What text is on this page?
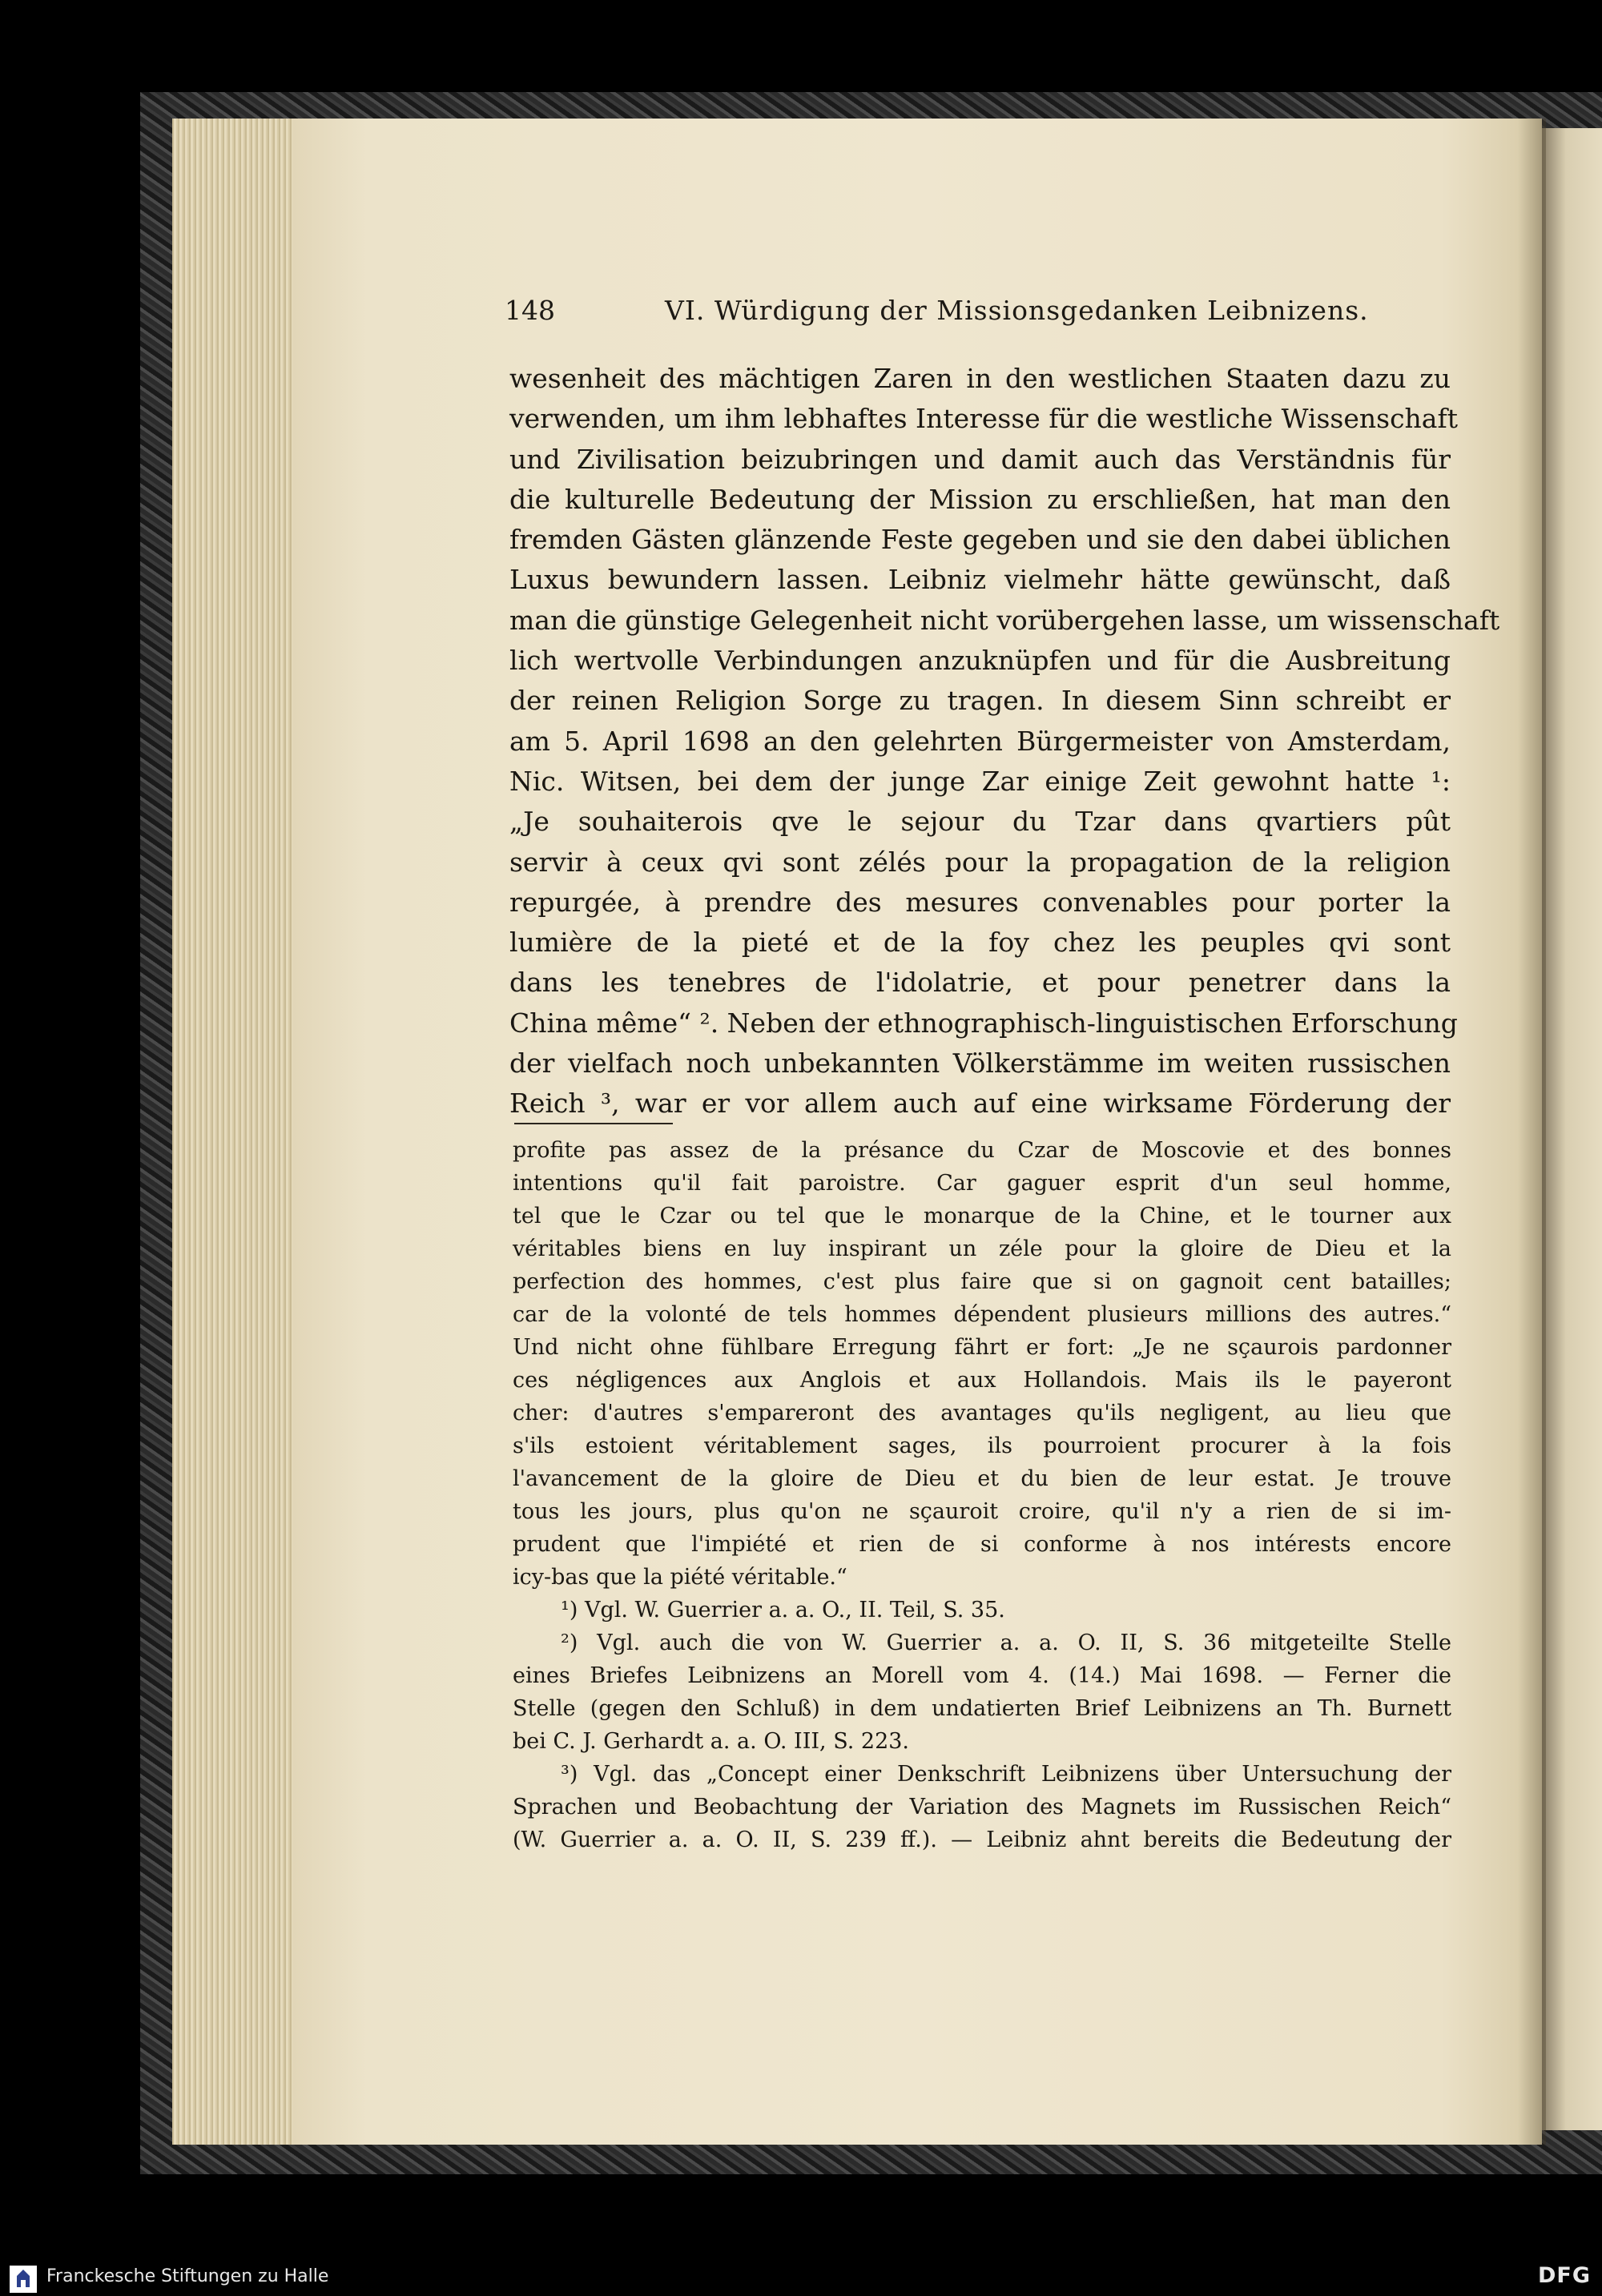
148	VI. Würdigung der Missionsgedanken Leibnizens.
wesenheit des mächtigen Zaren in den westlichen Staaten dazu zu
verwenden, um ihm lebhaftes Interesse für die westliche Wissenschaft
und Zivilisation beizubringen und damit auch das Verständnis für
die kulturelle Bedeutung der Mission zu erschließen, hat man den
fremden Gästen glänzende Feste gegeben und sie den dabei üblichen
Luxus bewundern lassen. Leibniz vielmehr hätte gewünscht, daß
man die günstige Gelegenheit nicht vorübergehen lasse, um wissenschaft
lich wertvolle Verbindungen anzuknüpfen und für die Ausbreitung
der reinen Religion Sorge zu tragen. In diesem Sinn schreibt er
am 5. April 1698 an den gelehrten Bürgermeister von Amsterdam,
Nic. Witsen, bei dem der junge Zar einige Zeit gewohnt hatte ¹:
„Je souhaiterois qve le sejour du Tzar dans qvartiers pût
servir à ceux qvi sont zélés pour la propagation de la religion
repurgée, à prendre des mesures convenables pour porter la
lumière de la pieté et de la foy chez les peuples qvi sont
dans les tenebres de l'idolatrie, et pour penetrer dans la
China même“ ². Neben der ethnographisch-linguistischen Erforschung
der vielfach noch unbekannten Völkerstämme im weiten russischen
Reich ³, war er vor allem auch auf eine wirksame Förderung der
profite pas assez de la présance du Czar de Moscovie et des bonnes
intentions qu'il fait paroistre. Car gaguer esprit d'un seul homme,
tel que le Czar ou tel que le monarque de la Chine, et le tourner aux
véritables biens en luy inspirant un zéle pour la gloire de Dieu et la
perfection des hommes, c'est plus faire que si on gagnoit cent batailles;
car de la volonté de tels hommes dépendent plusieurs millions des autres.“
Und nicht ohne fühlbare Erregung fährt er fort: „Je ne sçaurois pardonner
ces négligences aux Anglois et aux Hollandois. Mais ils le payeront
cher: d'autres s'empareront des avantages qu'ils negligent, au lieu que
s'ils estoient véritablement sages, ils pourroient procurer à la fois
l'avancement de la gloire de Dieu et du bien de leur estat. Je trouve
tous les jours, plus qu'on ne sçauroit croire, qu'il n'y a rien de si im-
prudent que l'impiété et rien de si conforme à nos intérests encore
icy-bas que la piété véritable.“
¹) Vgl. W. Guerrier a. a. O., II. Teil, S. 35.
²) Vgl. auch die von W. Guerrier a. a. O. II, S. 36 mitgeteilte Stelle
eines Briefes Leibnizens an Morell vom 4. (14.) Mai 1698. — Ferner die
Stelle (gegen den Schluß) in dem undatierten Brief Leibnizens an Th. Burnett
bei C. J. Gerhardt a. a. O. III, S. 223.
³) Vgl. das „Concept einer Denkschrift Leibnizens über Untersuchung der
Sprachen und Beobachtung der Variation des Magnets im Russischen Reich“
(W. Guerrier a. a. O. II, S. 239 ff.). — Leibniz ahnt bereits die Bedeutung der
Franckesche Stiftungen zu Halle	DFG
